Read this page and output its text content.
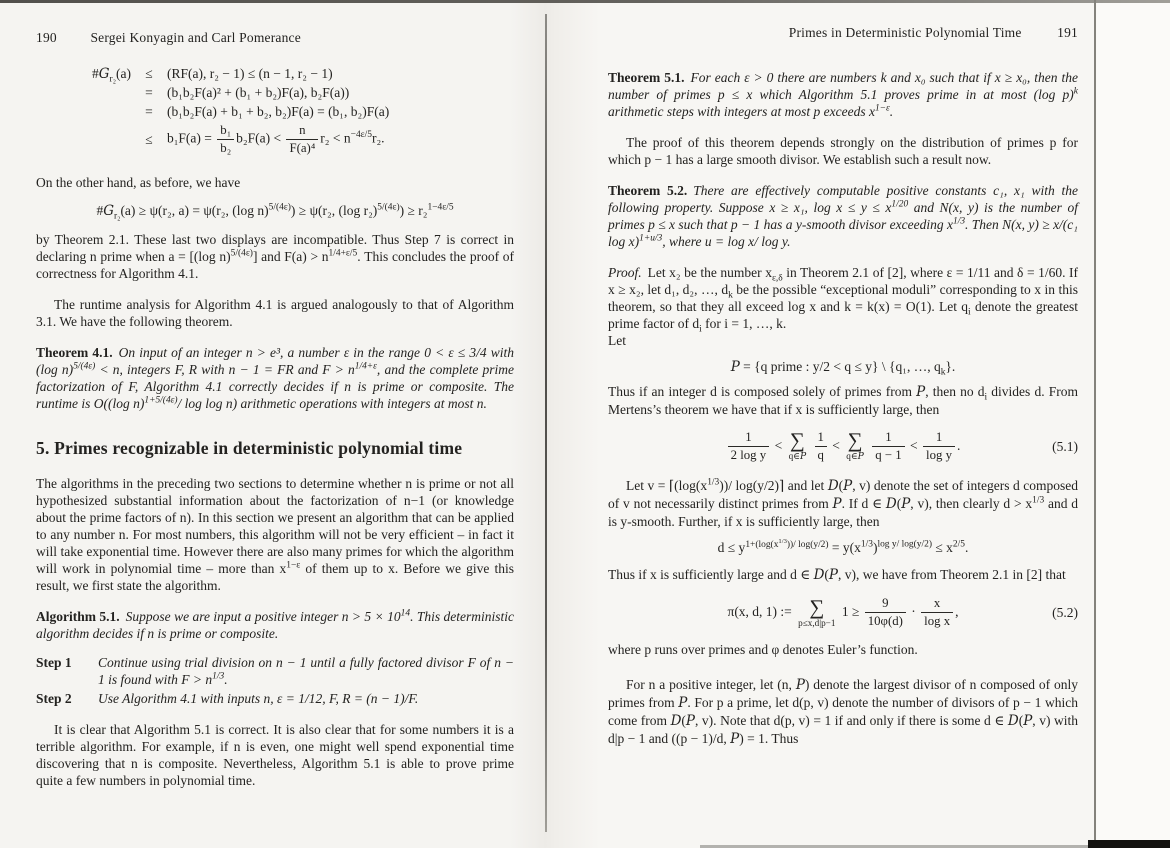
190 Sergei Konyagin and Carl Pomerance
$\#G_{r_2}(a) \le (RF(a)$, r₂ − 1) ≤ (n − 1, r₂ − 1)
= (b₁b₂F(a)² + (b₁ + b₂)F(a), b₂F(a))
= (b₁b₂F(a) + b₁ + b₂, b₂)F(a) = (b₁, b₂)F(a)
≤ $b_1F(a) = \frac{\text{b₁}}{\text{b₂}} b_2F(a) < \frac{n}{\text{F(a)⁴}} r_2 < n^{-4\varepsilon/5}r_2$.

On the other hand, as before, we have

$\#G_{r_2}(a) \ge \psi(r_2$, a) = ψ(r₂, (log n)$^{5/(4\varepsilon)}$) ≥ ψ(r₂, (log r₂)$^{5/(4\varepsilon)}$) ≥ r₂$^{1-4\varepsilon/5}$

by Theorem 2.1. These last two displays are incompatible. Thus Step 7 is correct in declaring n prime when a = [(log n)$^{5/(4\varepsilon)}$] and $F(a) > n^{1/4+\varepsilon/5}$. This concludes the proof of correctness for Algorithm 4.1.

The runtime analysis for Algorithm 4.1 is argued analogously to that of Algorithm 3.1. We have the following theorem.

Theorem 4.1. On input of an integer n > e³, a number ε in the range 0 < ε ≤ 3/4 with (log n)$^{5/(4\varepsilon)}$ < n, integers F, R with n − 1 = FR and $F > n^{1/4+\varepsilon}$, and the complete prime factorization of F, Algorithm 4.1 correctly decides if n is prime or composite. The runtime is O((log n)$^{1+5/(4\varepsilon)}$/ log log n) arithmetic operations with integers at most n.

5. Primes recognizable in deterministic polynomial time

The algorithms in the preceding two sections to determine whether n is prime or not all hypothesized substantial information about the factorization of n−1 (or knowledge about the prime factors of n). In this section we present an algorithm that can be applied to any number n. For most numbers, this algorithm will not be very efficient – in fact it will take exponential time. However there are also many primes for which the algorithm will work in polynomial time – more than $x^{1-\varepsilon}$ of them up to x. Before we give this result, we first state the algorithm.

Algorithm 5.1. Suppose we are input a positive integer $n > 5 \times 10^{14}$. This deterministic algorithm decides if n is prime or composite.

Step 1	Continue using trial division on n − 1 until a fully factored divisor F of n − 1 is found with $F > n^{1/3}$.
Step 2	Use Algorithm 4.1 with inputs n, ε = 1/12, F, R = (n − 1)/F.

It is clear that Algorithm 5.1 is correct. It is also clear that for some numbers it is a terrible algorithm. For example, if n is even, one might well spend exponential time discovering that n is composite. Nevertheless, Algorithm 5.1 is able to prove prime quite a few numbers in polynomial time.

Primes in Deterministic Polynomial Time	191

Theorem 5.1. For each ε > 0 there are numbers k and x₀ such that if x ≥ x₀, then the number of primes p ≤ x which Algorithm 5.1 proves prime in at most (log p)$^k$ arithmetic steps with integers at most p exceeds $x^{1-\varepsilon}$.

The proof of this theorem depends strongly on the distribution of primes p for which p − 1 has a large smooth divisor. We establish such a result now.

Theorem 5.2. There are effectively computable positive constants c₁, x₁ with the following property. Suppose x ≥ x₁, $\log x \le y \le x^{1/20}$ and N(x, y) is the number of primes p ≤ x such that p − 1 has a y-smooth divisor exceeding $x^{1/3}$. Then N(x, y) ≥ x/(c₁ log x)$^{1+u/3}$, where u = log x/ log y.

Proof. Let x₂ be the number $x_{\varepsilon,\delta}$ in Theorem 2.1 of [2], where ε = 1/11 and δ = 1/60. If x ≥ x₂, let d₁, d₂, …, $d_k$ be the possible “exceptional moduli” corresponding to x in this theorem, so that they all exceed log x and k = k(x) = O(1). Let $q_i$ denote the greatest prime factor of $d_i$ for i = 1, …, k.

Let

P = {q prime : y/2 < q ≤ y} \ {q₁, …, $q_k$}.

Thus if an integer d is composed solely of primes from P, then no $d_i$ divides d. From Mertens’s theorem we have that if x is sufficiently large, then

$\frac{1}{\text{2 log y}}$ < ∑
q∈P
$\frac{1}{q}$ < ∑
q∈P
$\frac{1}{q - 1} < \frac{1}{\text{log y}}$ .	(5.1)

Let $v = ⌈(\log(x^{1/3}))/$ log(y/2)⌉ and let D(P, v) denote the set of integers d composed of v not necessarily distinct primes from P. If d ∈ D(P, v), then clearly $d > x^{1/3}$ and d is y-smooth. Further, if x is sufficiently large, then

$d \le y^{1+(log(x^{1/3}))/ log(y/2)} = y(x^{1/3})^{log y/ log(y/2)} \le x^{2/5}$.

Thus if x is sufficiently large and d ∈ D(P, v), we have from Theorem 2.1 in [2] that

π(x, d, 1) := ∑
p≤x,d|p−1
$1 \ge \frac{9}{10\varphi(d)} \cdot \frac{x}{\text{log x}}$ ,	(5.2)

where p runs over primes and φ denotes Euler’s function.

For n a positive integer, let (n, P) denote the largest divisor of n composed of only primes from P. For p a prime, let d(p, v) denote the number of divisors of p − 1 which come from D(P, v). Note that d(p, v) = 1 if and only if there is some d ∈ D(P, v) with d|p − 1 and ((p − 1)/d, P) = 1. Thus
